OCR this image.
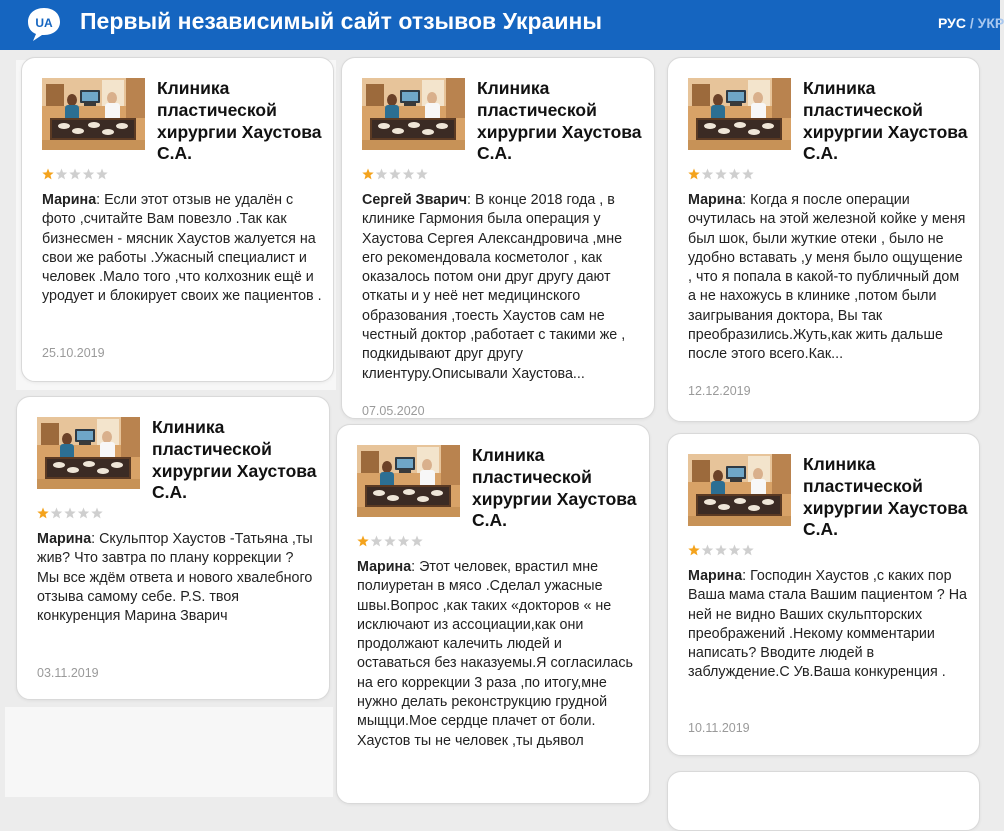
UA Первый независимый сайт отзывов Украины	РУС / УКР
Клиника пластической хирургии Хаустова С.А.
Марина: Если этот отзыв не удалён с фото ,считайте Вам повезло .Так как бизнесмен - мясник Хаустов жалуется на свои же работы .Ужасный специалист и человек .Мало того ,что колхозник ещё и уродует и блокирует своих же пациентов .
25.10.2019
Клиника пластической хирургии Хаустова С.А.
Сергей Зварич: В конце 2018 года , в клинике Гармония была операция у Хаустова Сергея Александровича ,мне его рекомендовала косметолог , как оказалось потом они друг другу дают откаты и у неё нет медицинского образования ,тоесть Хаустов сам не честный доктор ,работает с такими же , подкидывают друг другу клиентуру.Описывали Хаустова...
07.05.2020
Клиника пластической хирургии Хаустова С.А.
Марина: Когда я после операции очутилась на этой железной койке у меня был шок, были жуткие отеки , было не удобно вставать ,у меня было ощущение , что я попала в какой-то публичный дом а не нахожусь в клинике ,потом были заигрывания доктора, Вы так преобразились.Жуть,как жить дальше после этого всего.Как...
12.12.2019
Клиника пластической хирургии Хаустова С.А.
Марина: Скульптор Хаустов -Татьяна ,ты жив? Что завтра по плану коррекции ? Мы все ждём ответа и нового хвалебного отзыва самому себе. P.S. твоя конкуренция Марина Зварич
03.11.2019
Клиника пластической хирургии Хаустова С.А.
Марина: Этот человек, врастил мне полиуретан в мясо .Сделал ужасные швы.Вопрос ,как таких «докторов « не исключают из ассоциации,как они продолжают калечить людей и оставаться без наказуемы.Я согласилась на его коррекции 3 раза ,по итогу,мне нужно делать реконструкцию грудной мыщци.Мое сердце плачет от боли. Хаустов ты не человек ,ты дьявол
Клиника пластической хирургии Хаустова С.А.
Марина: Господин Хаустов ,с каких пор Ваша мама стала Вашим пациентом ? На ней не видно Ваших скульпторских преображений .Некому комментарии написать? Вводите людей в заблуждение.С Ув.Ваша конкуренция .
10.11.2019
